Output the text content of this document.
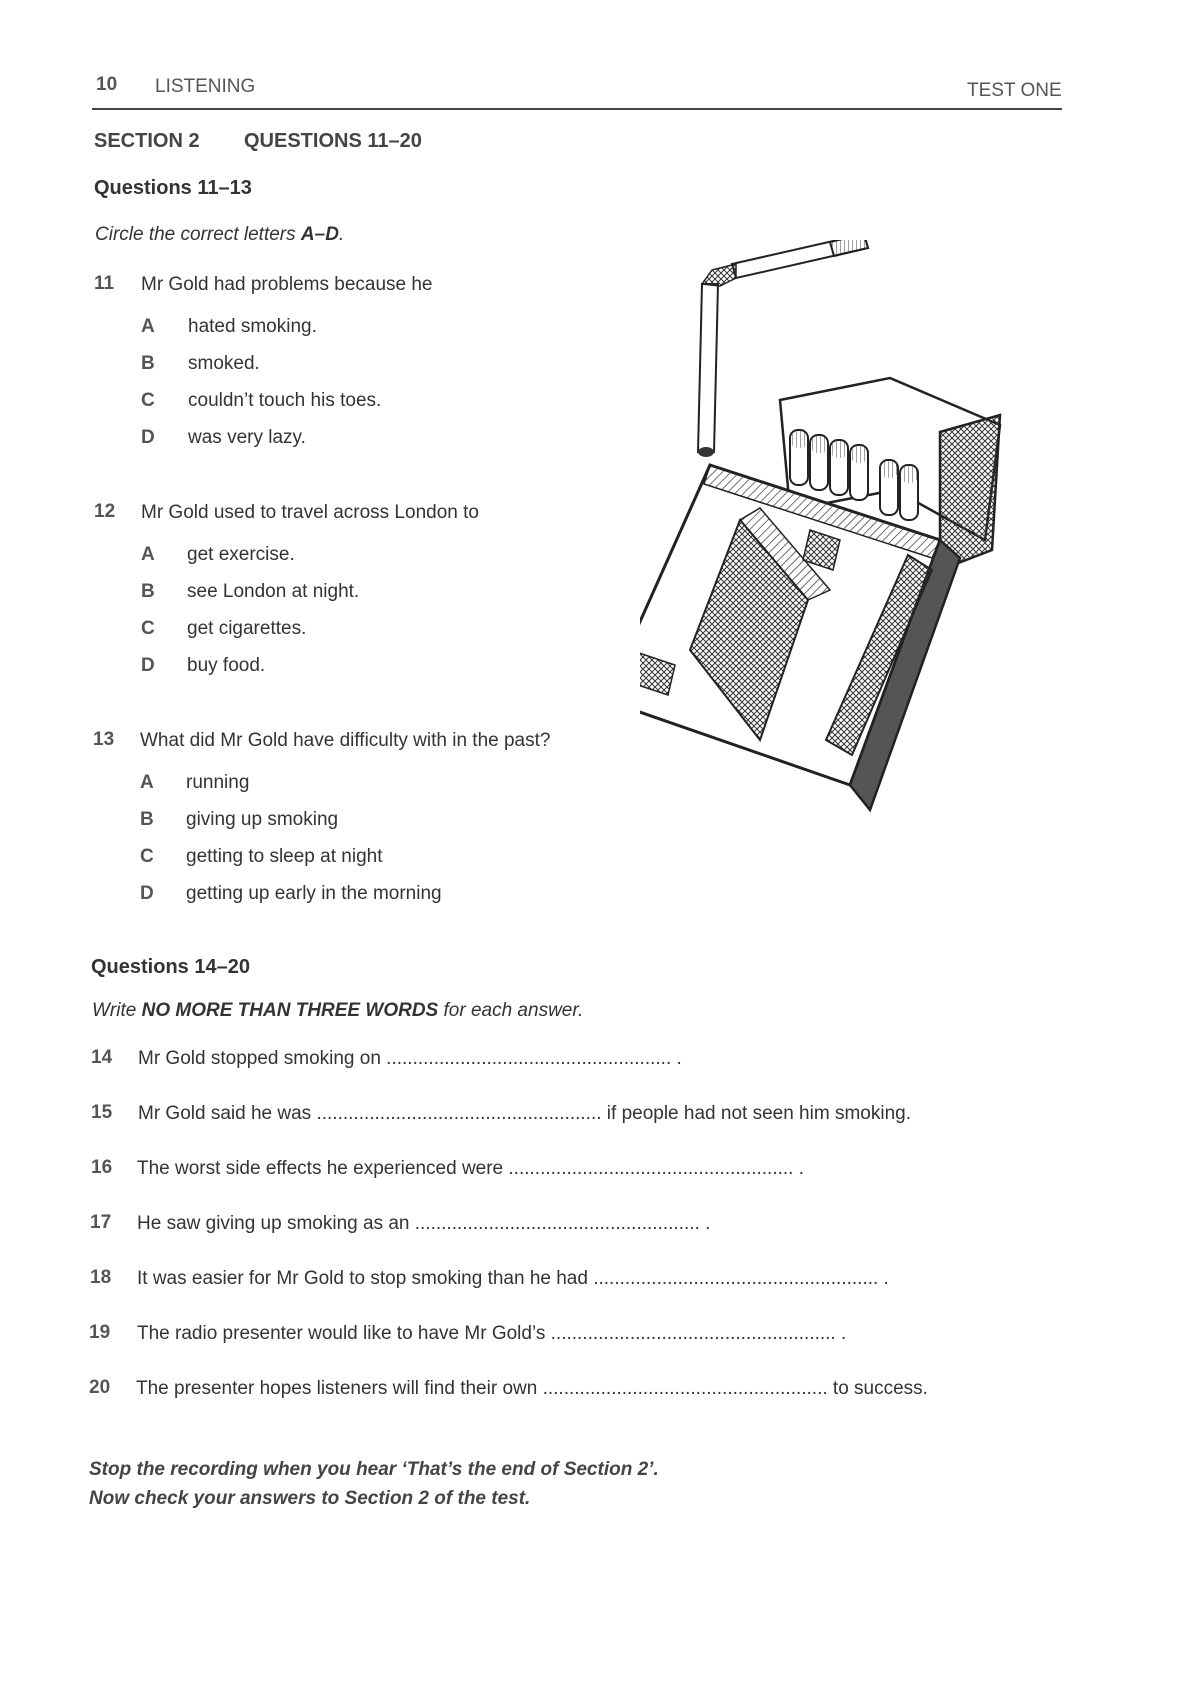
10 LISTENING	TEST ONE
SECTION 2 QUESTIONS 11–20
Questions 11–13
Circle the correct letters A–D.
11 Mr Gold had problems because he
A hated smoking.
B smoked.
C couldn’t touch his toes.
D was very lazy.
12 Mr Gold used to travel across London to
A get exercise.
B see London at night.
C get cigarettes.
D buy food.
13 What did Mr Gold have difficulty with in the past?
A running
B giving up smoking
C getting to sleep at night
D getting up early in the morning
Questions 14–20
Write NO MORE THAN THREE WORDS for each answer.
14 Mr Gold stopped smoking on ...................................................... .
15 Mr Gold said he was ...................................................... if people had not seen him smoking.
16 The worst side effects he experienced were ...................................................... .
17 He saw giving up smoking as an ...................................................... .
18 It was easier for Mr Gold to stop smoking than he had ...................................................... .
19 The radio presenter would like to have Mr Gold’s ...................................................... .
20 The presenter hopes listeners will find their own ...................................................... to success.
Stop the recording when you hear ‘That’s the end of Section 2’.
Now check your answers to Section 2 of the test.
